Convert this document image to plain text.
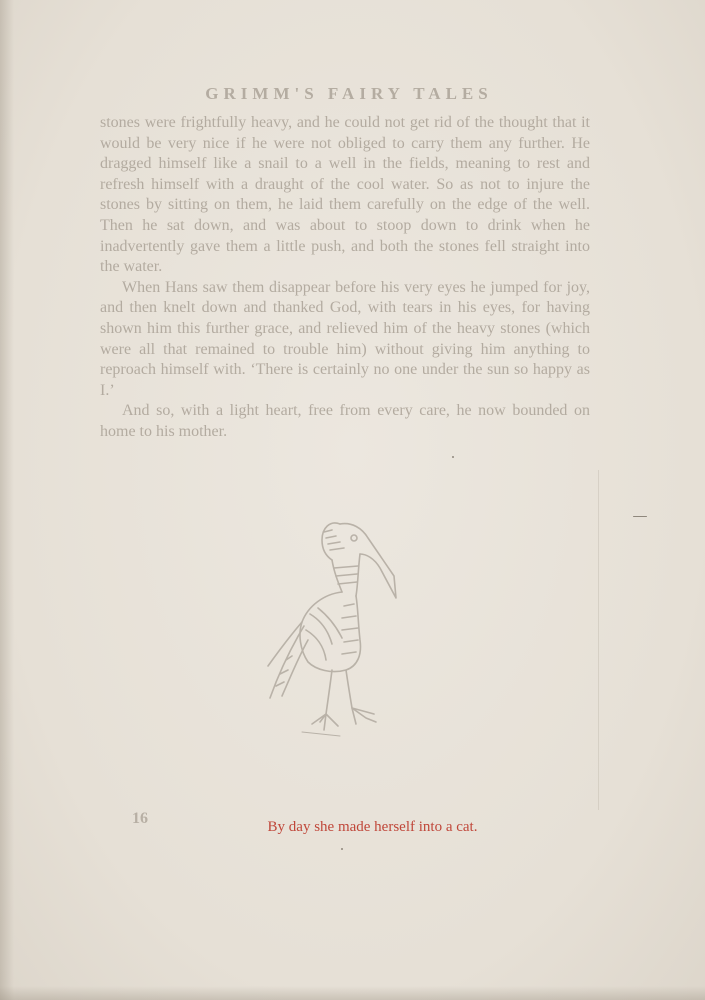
GRIMM'S FAIRY TALES

stones were frightfully heavy, and he could not get rid of the thought that it would be very nice if he were not obliged to carry them any further. He dragged himself like a snail to a well in the fields, meaning to rest and refresh himself with a draught of the cool water. So as not to injure the stones by sitting on them, he laid them carefully on the edge of the well. Then he sat down, and was about to stoop down to drink when he inadvertently gave them a little push, and both the stones fell straight into the water.

When Hans saw them disappear before his very eyes he jumped for joy, and then knelt down and thanked God, with tears in his eyes, for having shown him this further grace, and relieved him of the heavy stones (which were all that remained to trouble him) without giving him anything to reproach himself with. ‘There is certainly no one under the sun so happy as I.’

And so, with a light heart, free from every care, he now bounded on home to his mother.

16	By day she made herself into a cat.
